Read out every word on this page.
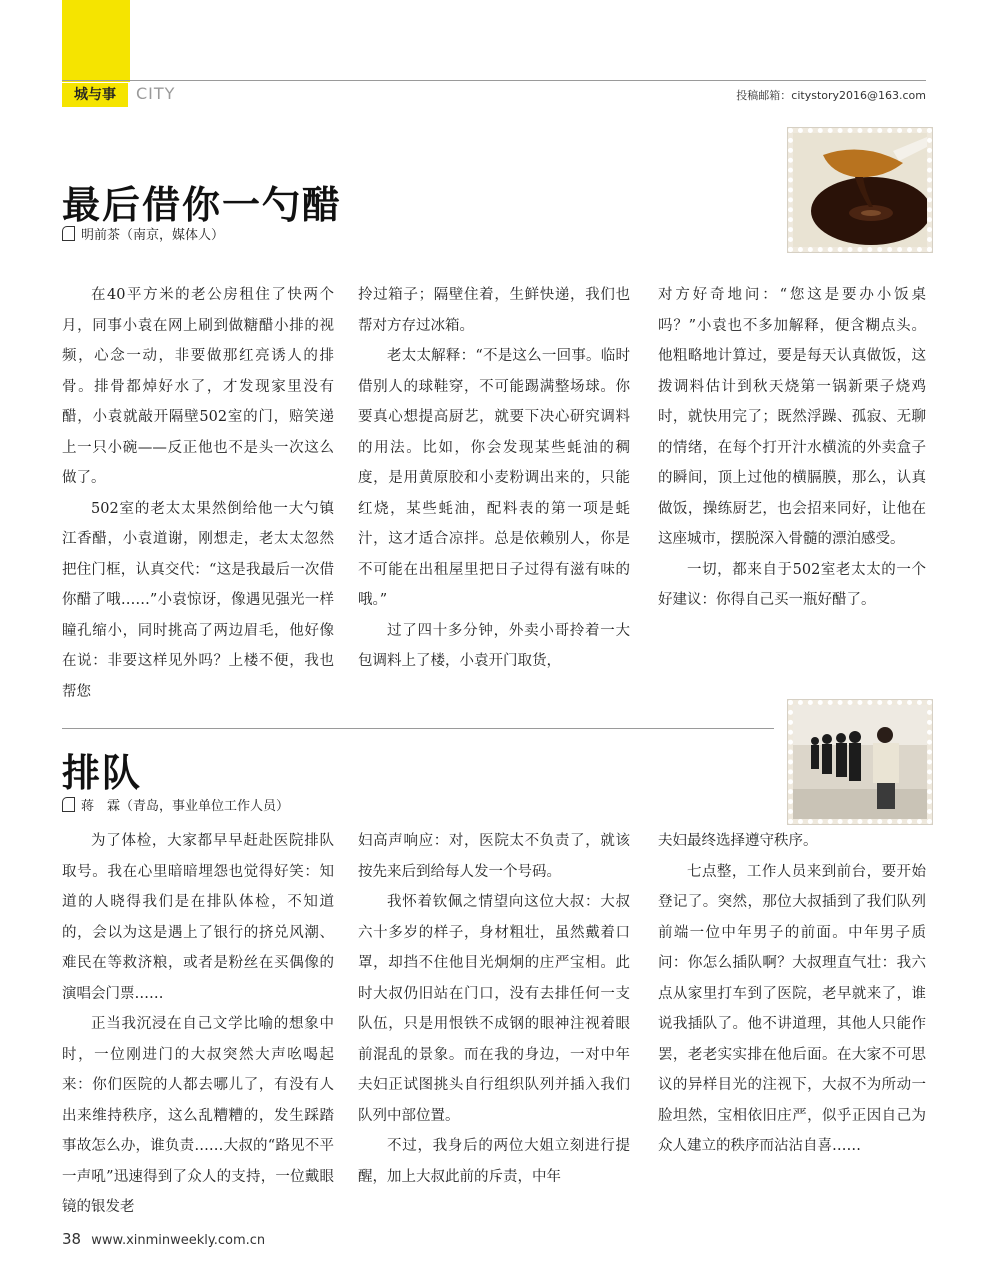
城与事	CITY	投稿邮箱：citystory2016@163.com
最后借你一勺醋
明前茶（南京，媒体人）

在40平方米的老公房租住了快两个月，同事小袁在网上刷到做糖醋小排的视频，心念一动，非要做那红亮诱人的排骨。排骨都焯好水了，才发现家里没有醋，小袁就敲开隔壁502室的门，赔笑递上一只小碗——反正他也不是头一次这么做了。

502室的老太太果然倒给他一大勺镇江香醋，小袁道谢，刚想走，老太太忽然把住门框，认真交代：“这是我最后一次借你醋了哦……”小袁惊讶，像遇见强光一样瞳孔缩小，同时挑高了两边眉毛，他好像在说：非要这样见外吗？上楼不便，我也帮您

拎过箱子；隔壁住着，生鲜快递，我们也帮对方存过冰箱。

老太太解释：“不是这么一回事。临时借别人的球鞋穿，不可能踢满整场球。你要真心想提高厨艺，就要下决心研究调料的用法。比如，你会发现某些蚝油的稠度，是用黄原胶和小麦粉调出来的，只能红烧，某些蚝油，配料表的第一项是蚝汁，这才适合凉拌。总是依赖别人，你是不可能在出租屋里把日子过得有滋有味的哦。”

过了四十多分钟，外卖小哥拎着一大包调料上了楼，小袁开门取货，

对方好奇地问：“您这是要办小饭桌吗？”小袁也不多加解释，便含糊点头。他粗略地计算过，要是每天认真做饭，这拨调料估计到秋天烧第一锅新栗子烧鸡时，就快用完了；既然浮躁、孤寂、无聊的情绪，在每个打开汁水横流的外卖盒子的瞬间，顶上过他的横膈膜，那么，认真做饭，操练厨艺，也会招来同好，让他在这座城市，摆脱深入骨髓的漂泊感受。

一切，都来自于502室老太太的一个好建议：你得自己买一瓶好醋了。

排队
蒋　霖（青岛，事业单位工作人员）

为了体检，大家都早早赶赴医院排队取号。我在心里暗暗埋怨也觉得好笑：知道的人晓得我们是在排队体检，不知道的，会以为这是遇上了银行的挤兑风潮、难民在等救济粮，或者是粉丝在买偶像的演唱会门票……

正当我沉浸在自己文学比喻的想象中时，一位刚进门的大叔突然大声吆喝起来：你们医院的人都去哪儿了，有没有人出来维持秩序，这么乱糟糟的，发生踩踏事故怎么办，谁负责……大叔的“路见不平一声吼”迅速得到了众人的支持，一位戴眼镜的银发老

妇高声响应：对，医院太不负责了，就该按先来后到给每人发一个号码。

我怀着钦佩之情望向这位大叔：大叔六十多岁的样子，身材粗壮，虽然戴着口罩，却挡不住他目光炯炯的庄严宝相。此时大叔仍旧站在门口，没有去排任何一支队伍，只是用恨铁不成钢的眼神注视着眼前混乱的景象。而在我的身边，一对中年夫妇正试图挑头自行组织队列并插入我们队列中部位置。

不过，我身后的两位大姐立刻进行提醒，加上大叔此前的斥责，中年

夫妇最终选择遵守秩序。

七点整，工作人员来到前台，要开始登记了。突然，那位大叔插到了我们队列前端一位中年男子的前面。中年男子质问：你怎么插队啊？大叔理直气壮：我六点从家里打车到了医院，老早就来了，谁说我插队了。他不讲道理，其他人只能作罢，老老实实排在他后面。在大家不可思议的异样目光的注视下，大叔不为所动一脸坦然，宝相依旧庄严，似乎正因自己为众人建立的秩序而沾沾自喜……

38 www.xinminweekly.com.cn
